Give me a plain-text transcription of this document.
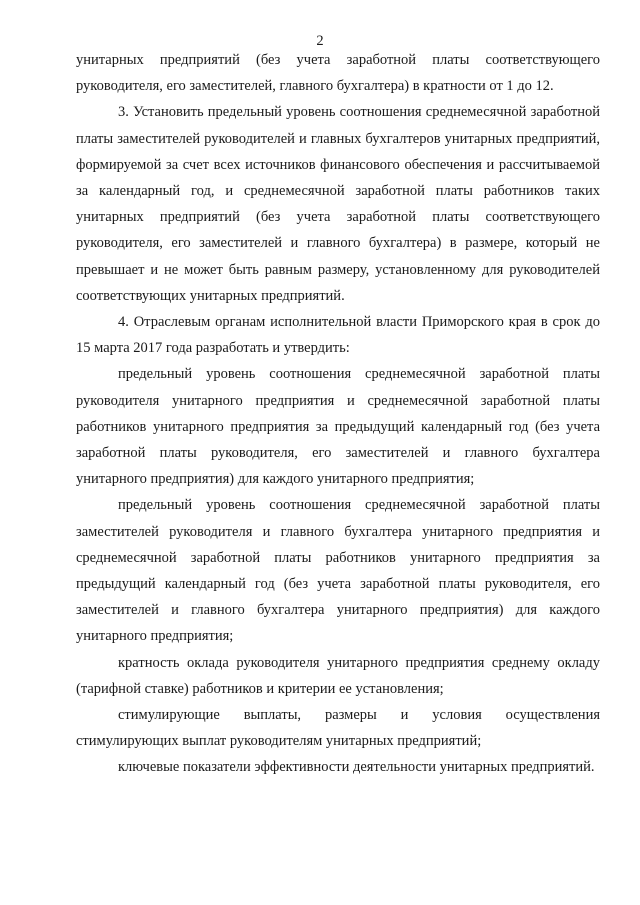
2

унитарных предприятий (без учета заработной платы соответствующего руководителя, его заместителей, главного бухгалтера) в кратности от 1 до 12.

3. Установить предельный уровень соотношения среднемесячной заработной платы заместителей руководителей и главных бухгалтеров унитарных предприятий, формируемой за счет всех источников финансового обеспечения и рассчитываемой за календарный год, и среднемесячной заработной платы работников таких унитарных предприятий (без учета заработной платы соответствующего руководителя, его заместителей и главного бухгалтера) в размере, который не превышает и не может быть равным размеру, установленному для руководителей соответствующих унитарных предприятий.

4. Отраслевым органам исполнительной власти Приморского края в срок до 15 марта 2017 года разработать и утвердить:

предельный уровень соотношения среднемесячной заработной платы руководителя унитарного предприятия и среднемесячной заработной платы работников унитарного предприятия за предыдущий календарный год (без учета заработной платы руководителя, его заместителей и главного бухгалтера унитарного предприятия) для каждого унитарного предприятия;

предельный уровень соотношения среднемесячной заработной платы заместителей руководителя и главного бухгалтера унитарного предприятия и среднемесячной заработной платы работников унитарного предприятия за предыдущий календарный год (без учета заработной платы руководителя, его заместителей и главного бухгалтера унитарного предприятия) для каждого унитарного предприятия;

кратность оклада руководителя унитарного предприятия среднему окладу (тарифной ставке) работников и критерии ее установления;

стимулирующие выплаты, размеры и условия осуществления стимулирующих выплат руководителям унитарных предприятий;

ключевые показатели эффективности деятельности унитарных предприятий.
